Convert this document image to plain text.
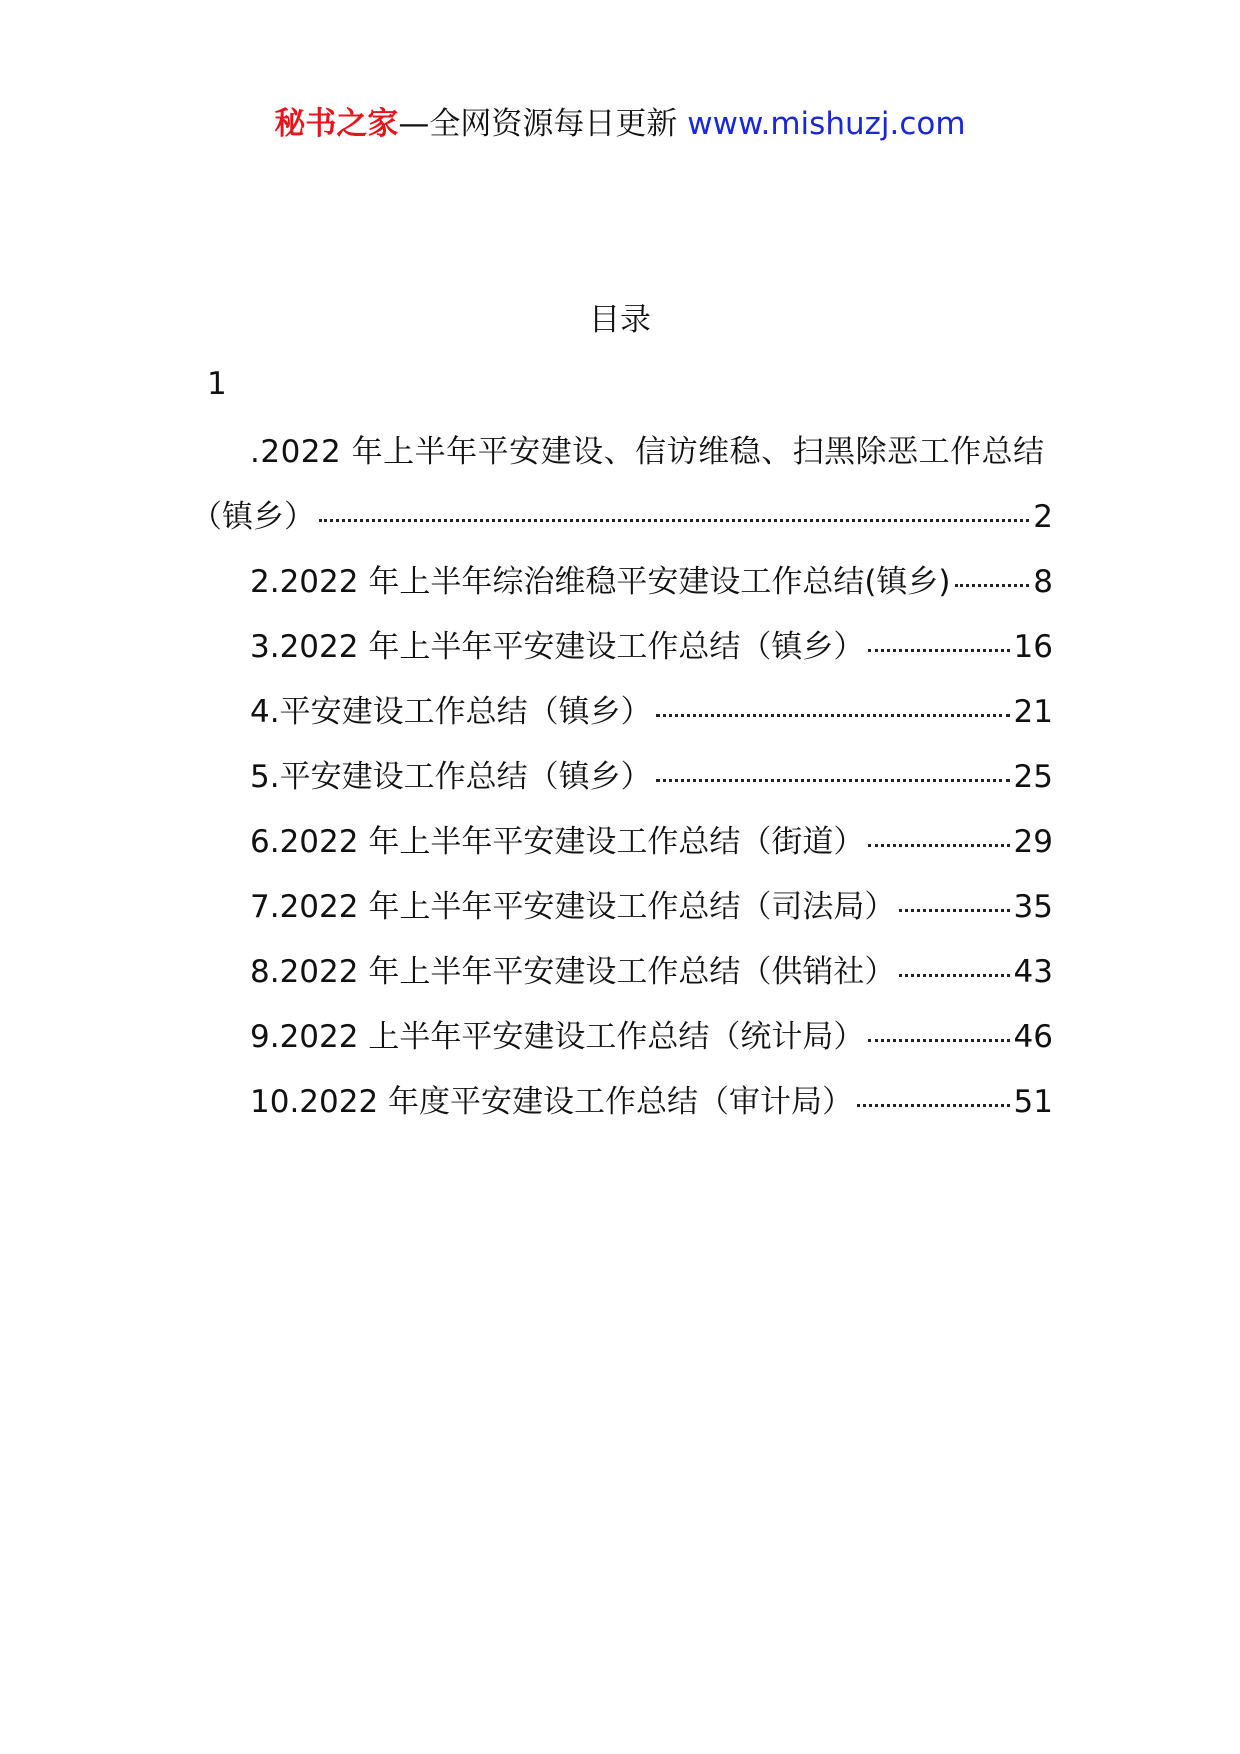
秘书之家—全网资源每日更新 www.mishuzj.com
目录
1
.2022 年上半年平安建设、信访维稳、扫黑除恶工作总结
（镇乡）	2
2.2022 年上半年综治维稳平安建设工作总结(镇乡)	8
3.2022 年上半年平安建设工作总结（镇乡）	16
4.平安建设工作总结（镇乡）	21
5.平安建设工作总结（镇乡）	25
6.2022 年上半年平安建设工作总结（街道）	29
7.2022 年上半年平安建设工作总结（司法局）	35
8.2022 年上半年平安建设工作总结（供销社）	43
9.2022 上半年平安建设工作总结（统计局）	46
10.2022 年度平安建设工作总结（审计局）	51
